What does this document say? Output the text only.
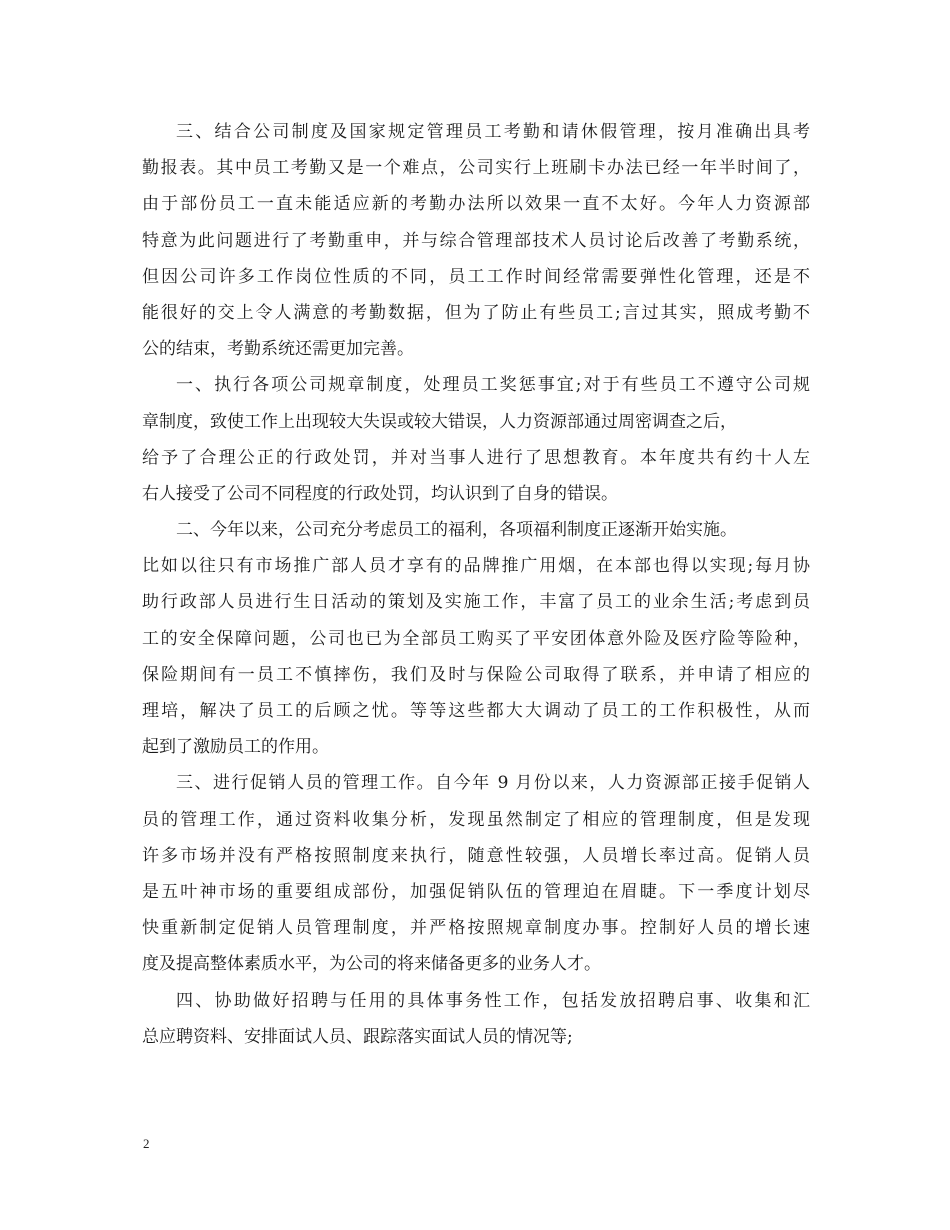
三、结合公司制度及国家规定管理员工考勤和请休假管理，按月准确出具考
勤报表。其中员工考勤又是一个难点，公司实行上班刷卡办法已经一年半时间了，
由于部份员工一直未能适应新的考勤办法所以效果一直不太好。今年人力资源部
特意为此问题进行了考勤重申，并与综合管理部技术人员讨论后改善了考勤系统，
但因公司许多工作岗位性质的不同，员工工作时间经常需要弹性化管理，还是不
能很好的交上令人满意的考勤数据，但为了防止有些员工;言过其实，照成考勤不
公的结束，考勤系统还需更加完善。
一、执行各项公司规章制度，处理员工奖惩事宜;对于有些员工不遵守公司规
章制度，致使工作上出现较大失误或较大错误，人力资源部通过周密调查之后，
给予了合理公正的行政处罚，并对当事人进行了思想教育。本年度共有约十人左
右人接受了公司不同程度的行政处罚，均认识到了自身的错误。
二、今年以来，公司充分考虑员工的福利，各项福利制度正逐渐开始实施。
比如以往只有市场推广部人员才享有的品牌推广用烟，在本部也得以实现;每月协
助行政部人员进行生日活动的策划及实施工作，丰富了员工的业余生活;考虑到员
工的安全保障问题，公司也已为全部员工购买了平安团体意外险及医疗险等险种，
保险期间有一员工不慎摔伤，我们及时与保险公司取得了联系，并申请了相应的
理培，解决了员工的后顾之忧。等等这些都大大调动了员工的工作积极性，从而
起到了激励员工的作用。
三、进行促销人员的管理工作。自今年 9 月份以来，人力资源部正接手促销人
员的管理工作，通过资料收集分析，发现虽然制定了相应的管理制度，但是发现
许多市场并没有严格按照制度来执行，随意性较强，人员增长率过高。促销人员
是五叶神市场的重要组成部份，加强促销队伍的管理迫在眉睫。下一季度计划尽
快重新制定促销人员管理制度，并严格按照规章制度办事。控制好人员的增长速
度及提高整体素质水平，为公司的将来储备更多的业务人才。
四、协助做好招聘与任用的具体事务性工作，包括发放招聘启事、收集和汇
总应聘资料、安排面试人员、跟踪落实面试人员的情况等;
2
